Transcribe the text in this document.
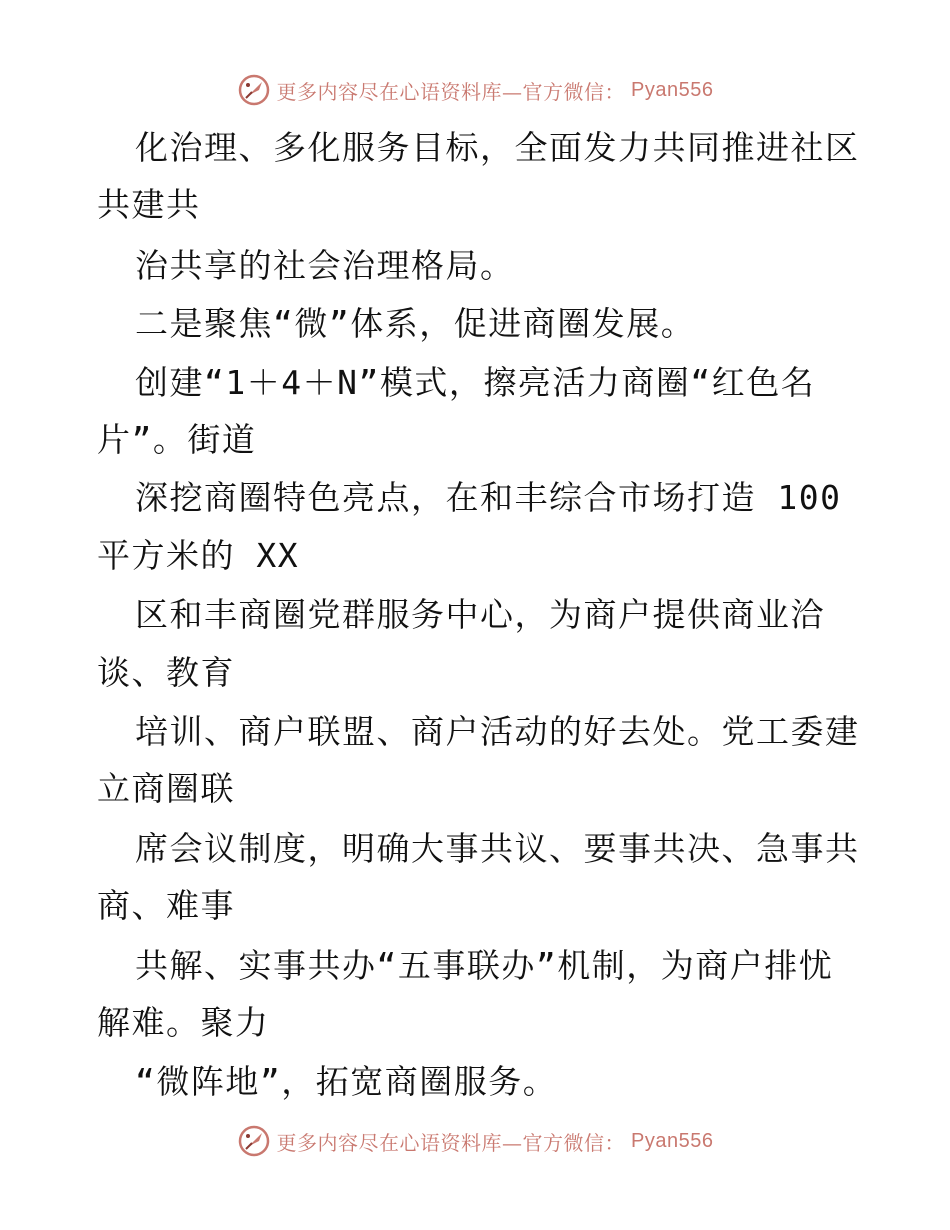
更多内容尽在心语资料库—官方微信： Pyan556
化治理、多化服务目标，全面发力共同推进社区
共建共
治共享的社会治理格局。
二是聚焦“微”体系，促进商圈发展。
创建“1＋4＋N”模式，擦亮活力商圈“红色名
片”。街道
深挖商圈特色亮点，在和丰综合市场打造 100
平方米的 XX
区和丰商圈党群服务中心，为商户提供商业洽
谈、教育
培训、商户联盟、商户活动的好去处。党工委建
立商圈联
席会议制度，明确大事共议、要事共决、急事共
商、难事
共解、实事共办“五事联办”机制，为商户排忧
解难。聚力
“微阵地”，拓宽商圈服务。
更多内容尽在心语资料库—官方微信： Pyan556
